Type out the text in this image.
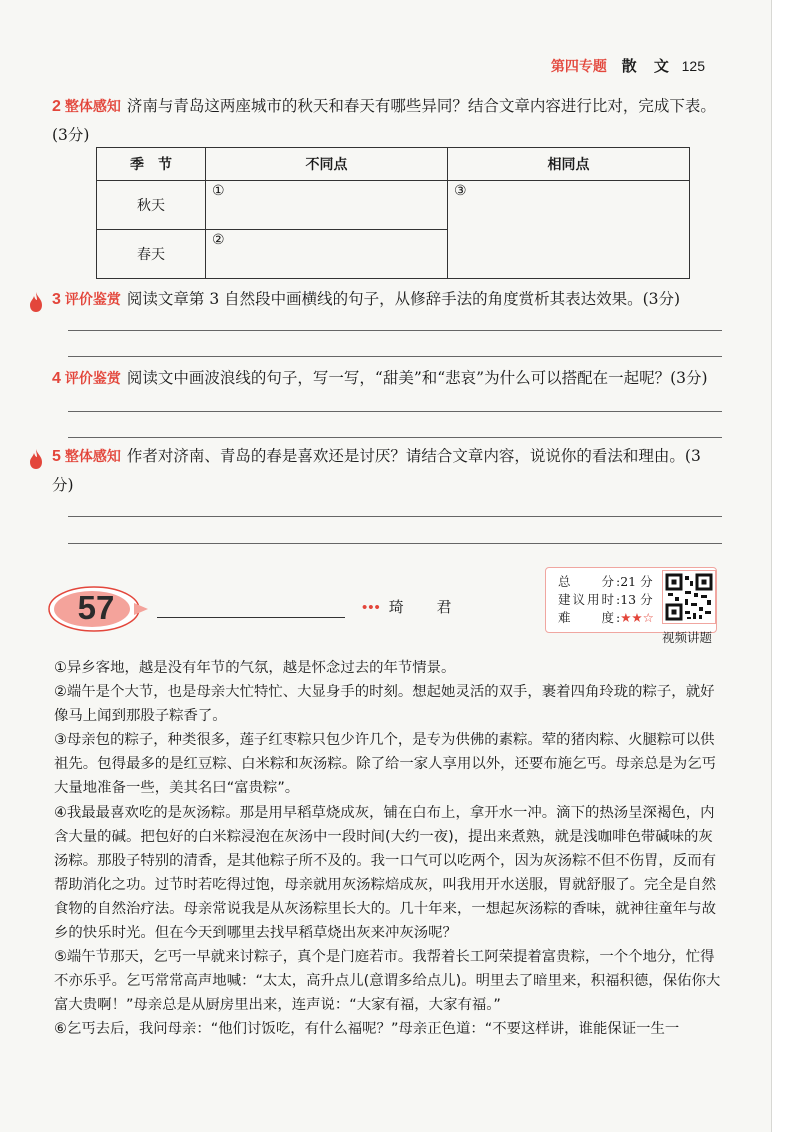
第四专题 散 文 125
2 整体感知 济南与青岛这两座城市的秋天和春天有哪些异同？结合文章内容进行比对，完成下表。(3分)
季　节	不同点	相同点
秋天	①	③
春天	②	
3 评价鉴赏 阅读文章第 3 自然段中画横线的句子，从修辞手法的角度赏析其表达效果。(3分)
4 评价鉴赏 阅读文中画波浪线的句子，写一写，“甜美”和“悲哀”为什么可以搭配在一起呢？(3分)
5 整体感知 作者对济南、青岛的春是喜欢还是讨厌？请结合文章内容，说说你的看法和理由。(3分)
57	••• 琦 君
总　分 :21 分
建议用时 :13 分
难　度 :★★☆
视频讲题

①异乡客地，越是没有年节的气氛，越是怀念过去的年节情景。

②端午是个大节，也是母亲大忙特忙、大显身手的时刻。想起她灵活的双手，裹着四角玲珑的粽子，就好像马上闻到那股子粽香了。

③母亲包的粽子，种类很多，莲子红枣粽只包少许几个，是专为供佛的素粽。荤的猪肉粽、火腿粽可以供祖先。包得最多的是红豆粽、白米粽和灰汤粽。除了给一家人享用以外，还要布施乞丐。母亲总是为乞丐大量地准备一些，美其名曰“富贵粽”。

④我最最喜欢吃的是灰汤粽。那是用早稻草烧成灰，铺在白布上，拿开水一冲。滴下的热汤呈深褐色，内含大量的碱。把包好的白米粽浸泡在灰汤中一段时间(大约一夜)，提出来煮熟，就是浅咖啡色带碱味的灰汤粽。那股子特别的清香，是其他粽子所不及的。我一口气可以吃两个，因为灰汤粽不但不伤胃，反而有帮助消化之功。过节时若吃得过饱，母亲就用灰汤粽焙成灰，叫我用开水送服，胃就舒服了。完全是自然食物的自然治疗法。母亲常说我是从灰汤粽里长大的。几十年来，一想起灰汤粽的香味，就神往童年与故乡的快乐时光。但在今天到哪里去找早稻草烧出灰来冲灰汤呢？

⑤端午节那天，乞丐一早就来讨粽子，真个是门庭若市。我帮着长工阿荣提着富贵粽，一个个地分，忙得不亦乐乎。乞丐常常高声地喊：“太太，高升点儿(意谓多给点儿)。明里去了暗里来，积福积德，保佑你大富大贵啊！”母亲总是从厨房里出来，连声说：“大家有福，大家有福。”

⑥乞丐去后，我问母亲：“他们讨饭吃，有什么福呢？”母亲正色道：“不要这样讲，谁能保证一生一
